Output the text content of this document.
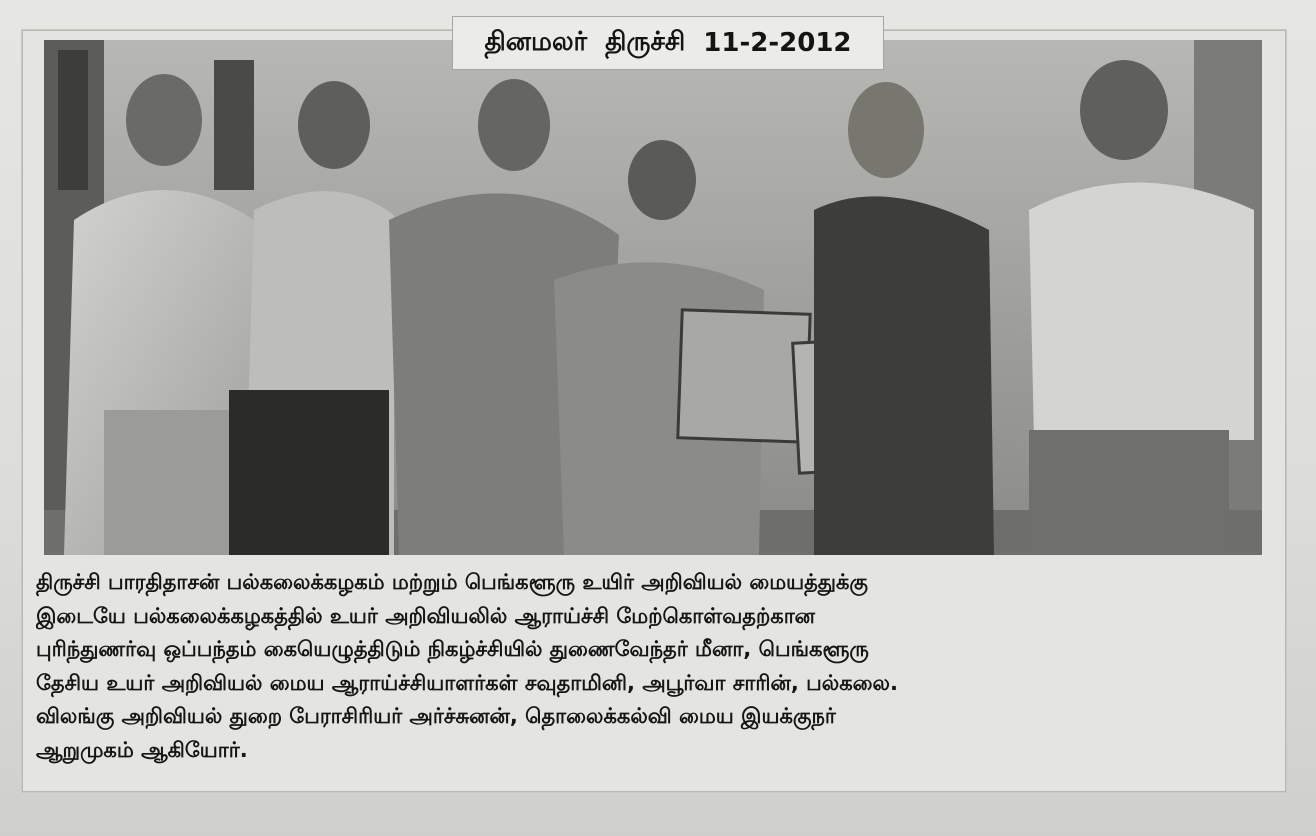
தினமலர் திருச்சி 11-2-2012
திருச்சி பாரதிதாசன் பல்கலைக்கழகம் மற்றும் பெங்களூரு உயிர் அறிவியல் மையத்துக்கு
இடையே பல்கலைக்கழகத்தில் உயர் அறிவியலில் ஆராய்ச்சி மேற்கொள்வதற்கான
புரிந்துணர்வு ஒப்பந்தம் கையெழுத்திடும் நிகழ்ச்சியில் துணைவேந்தர் மீனா, பெங்களூரு
தேசிய உயர் அறிவியல் மைய ஆராய்ச்சியாளர்கள் சவுதாமினி, அபூர்வா சாரின், பல்கலை.
விலங்கு அறிவியல் துறை பேராசிரியர் அர்ச்சுனன், தொலைக்கல்வி மைய இயக்குநர்
ஆறுமுகம் ஆகியோர்.
